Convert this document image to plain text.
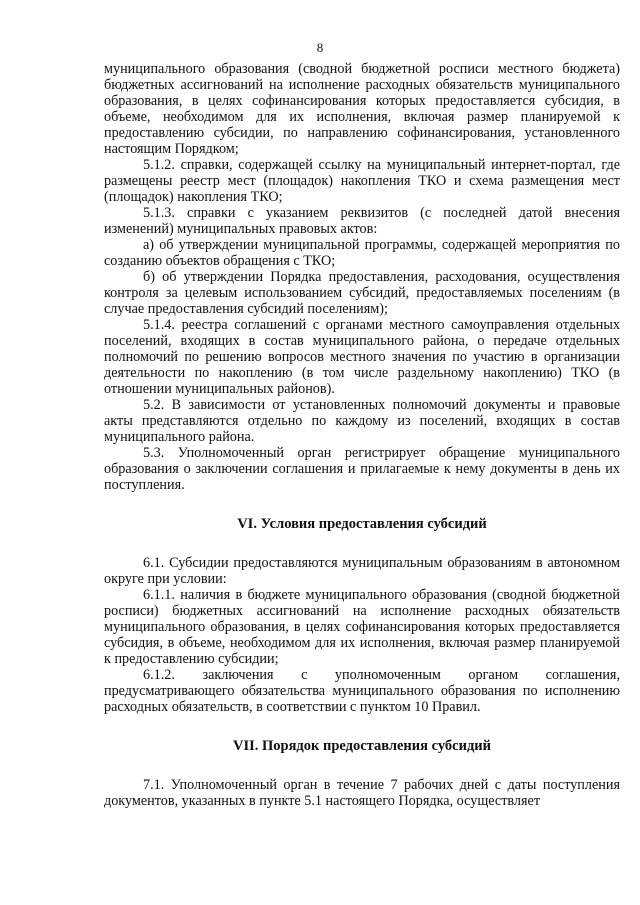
8

муниципального образования (сводной бюджетной росписи местного бюджета) бюджетных ассигнований на исполнение расходных обязательств муниципального образования, в целях софинансирования которых предоставляется субсидия, в объеме, необходимом для их исполнения, включая размер планируемой к предоставлению субсидии, по направлению софинансирования, установленного настоящим Порядком;

5.1.2. справки, содержащей ссылку на муниципальный интернет-портал, где размещены реестр мест (площадок) накопления ТКО и схема размещения мест (площадок) накопления ТКО;

5.1.3. справки с указанием реквизитов (с последней датой внесения изменений) муниципальных правовых актов:

а) об утверждении муниципальной программы, содержащей мероприятия по созданию объектов обращения с ТКО;

б) об утверждении Порядка предоставления, расходования, осуществления контроля за целевым использованием субсидий, предоставляемых поселениям (в случае предоставления субсидий поселениям);

5.1.4. реестра соглашений с органами местного самоуправления отдельных поселений, входящих в состав муниципального района, о передаче отдельных полномочий по решению вопросов местного значения по участию в организации деятельности по накоплению (в том числе раздельному накоплению) ТКО (в отношении муниципальных районов).

5.2. В зависимости от установленных полномочий документы и правовые акты представляются отдельно по каждому из поселений, входящих в состав муниципального района.

5.3. Уполномоченный орган регистрирует обращение муниципального образования о заключении соглашения и прилагаемые к нему документы в день их поступления.

VI. Условия предоставления субсидий

6.1. Субсидии предоставляются муниципальным образованиям в автономном округе при условии:

6.1.1. наличия в бюджете муниципального образования (сводной бюджетной росписи) бюджетных ассигнований на исполнение расходных обязательств муниципального образования, в целях софинансирования которых предоставляется субсидия, в объеме, необходимом для их исполнения, включая размер планируемой к предоставлению субсидии;

6.1.2. заключения с уполномоченным органом соглашения, предусматривающего обязательства муниципального образования по исполнению расходных обязательств, в соответствии с пунктом 10 Правил.

VII. Порядок предоставления субсидий

7.1. Уполномоченный орган в течение 7 рабочих дней с даты поступления документов, указанных в пункте 5.1 настоящего Порядка, осуществляет
